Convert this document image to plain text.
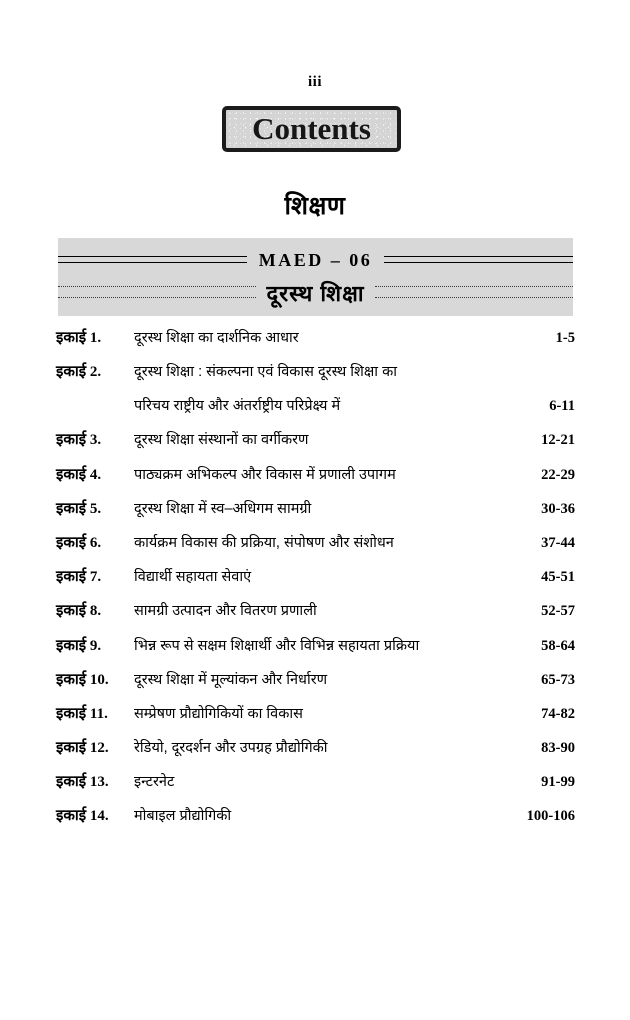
iii
Contents
शिक्षण
MAED – 06
दूरस्थ शिक्षा
इकाई 1.	दूरस्थ शिक्षा का दार्शनिक आधार	1-5
इकाई 2.	दूरस्थ शिक्षा : संकल्पना एवं विकास दूरस्थ शिक्षा का
परिचय राष्ट्रीय और अंतर्राष्ट्रीय परिप्रेक्ष्य में	6-11
इकाई 3.	दूरस्थ शिक्षा संस्थानों का वर्गीकरण	12-21
इकाई 4.	पाठ्यक्रम अभिकल्प और विकास में प्रणाली उपागम	22-29
इकाई 5.	दूरस्थ शिक्षा में स्व–अधिगम सामग्री	30-36
इकाई 6.	कार्यक्रम विकास की प्रक्रिया, संपोषण और संशोधन	37-44
इकाई 7.	विद्यार्थी सहायता सेवाएं	45-51
इकाई 8.	सामग्री उत्पादन और वितरण प्रणाली	52-57
इकाई 9.	भिन्न रूप से सक्षम शिक्षार्थी और विभिन्न सहायता प्रक्रिया	58-64
इकाई 10.	दूरस्थ शिक्षा में मूल्यांकन और निर्धारण	65-73
इकाई 11.	सम्प्रेषण प्रौद्योगिकियों का विकास	74-82
इकाई 12.	रेडियो, दूरदर्शन और उपग्रह प्रौद्योगिकी	83-90
इकाई 13.	इन्टरनेट	91-99
इकाई 14.	मोबाइल प्रौद्योगिकी	100-106
